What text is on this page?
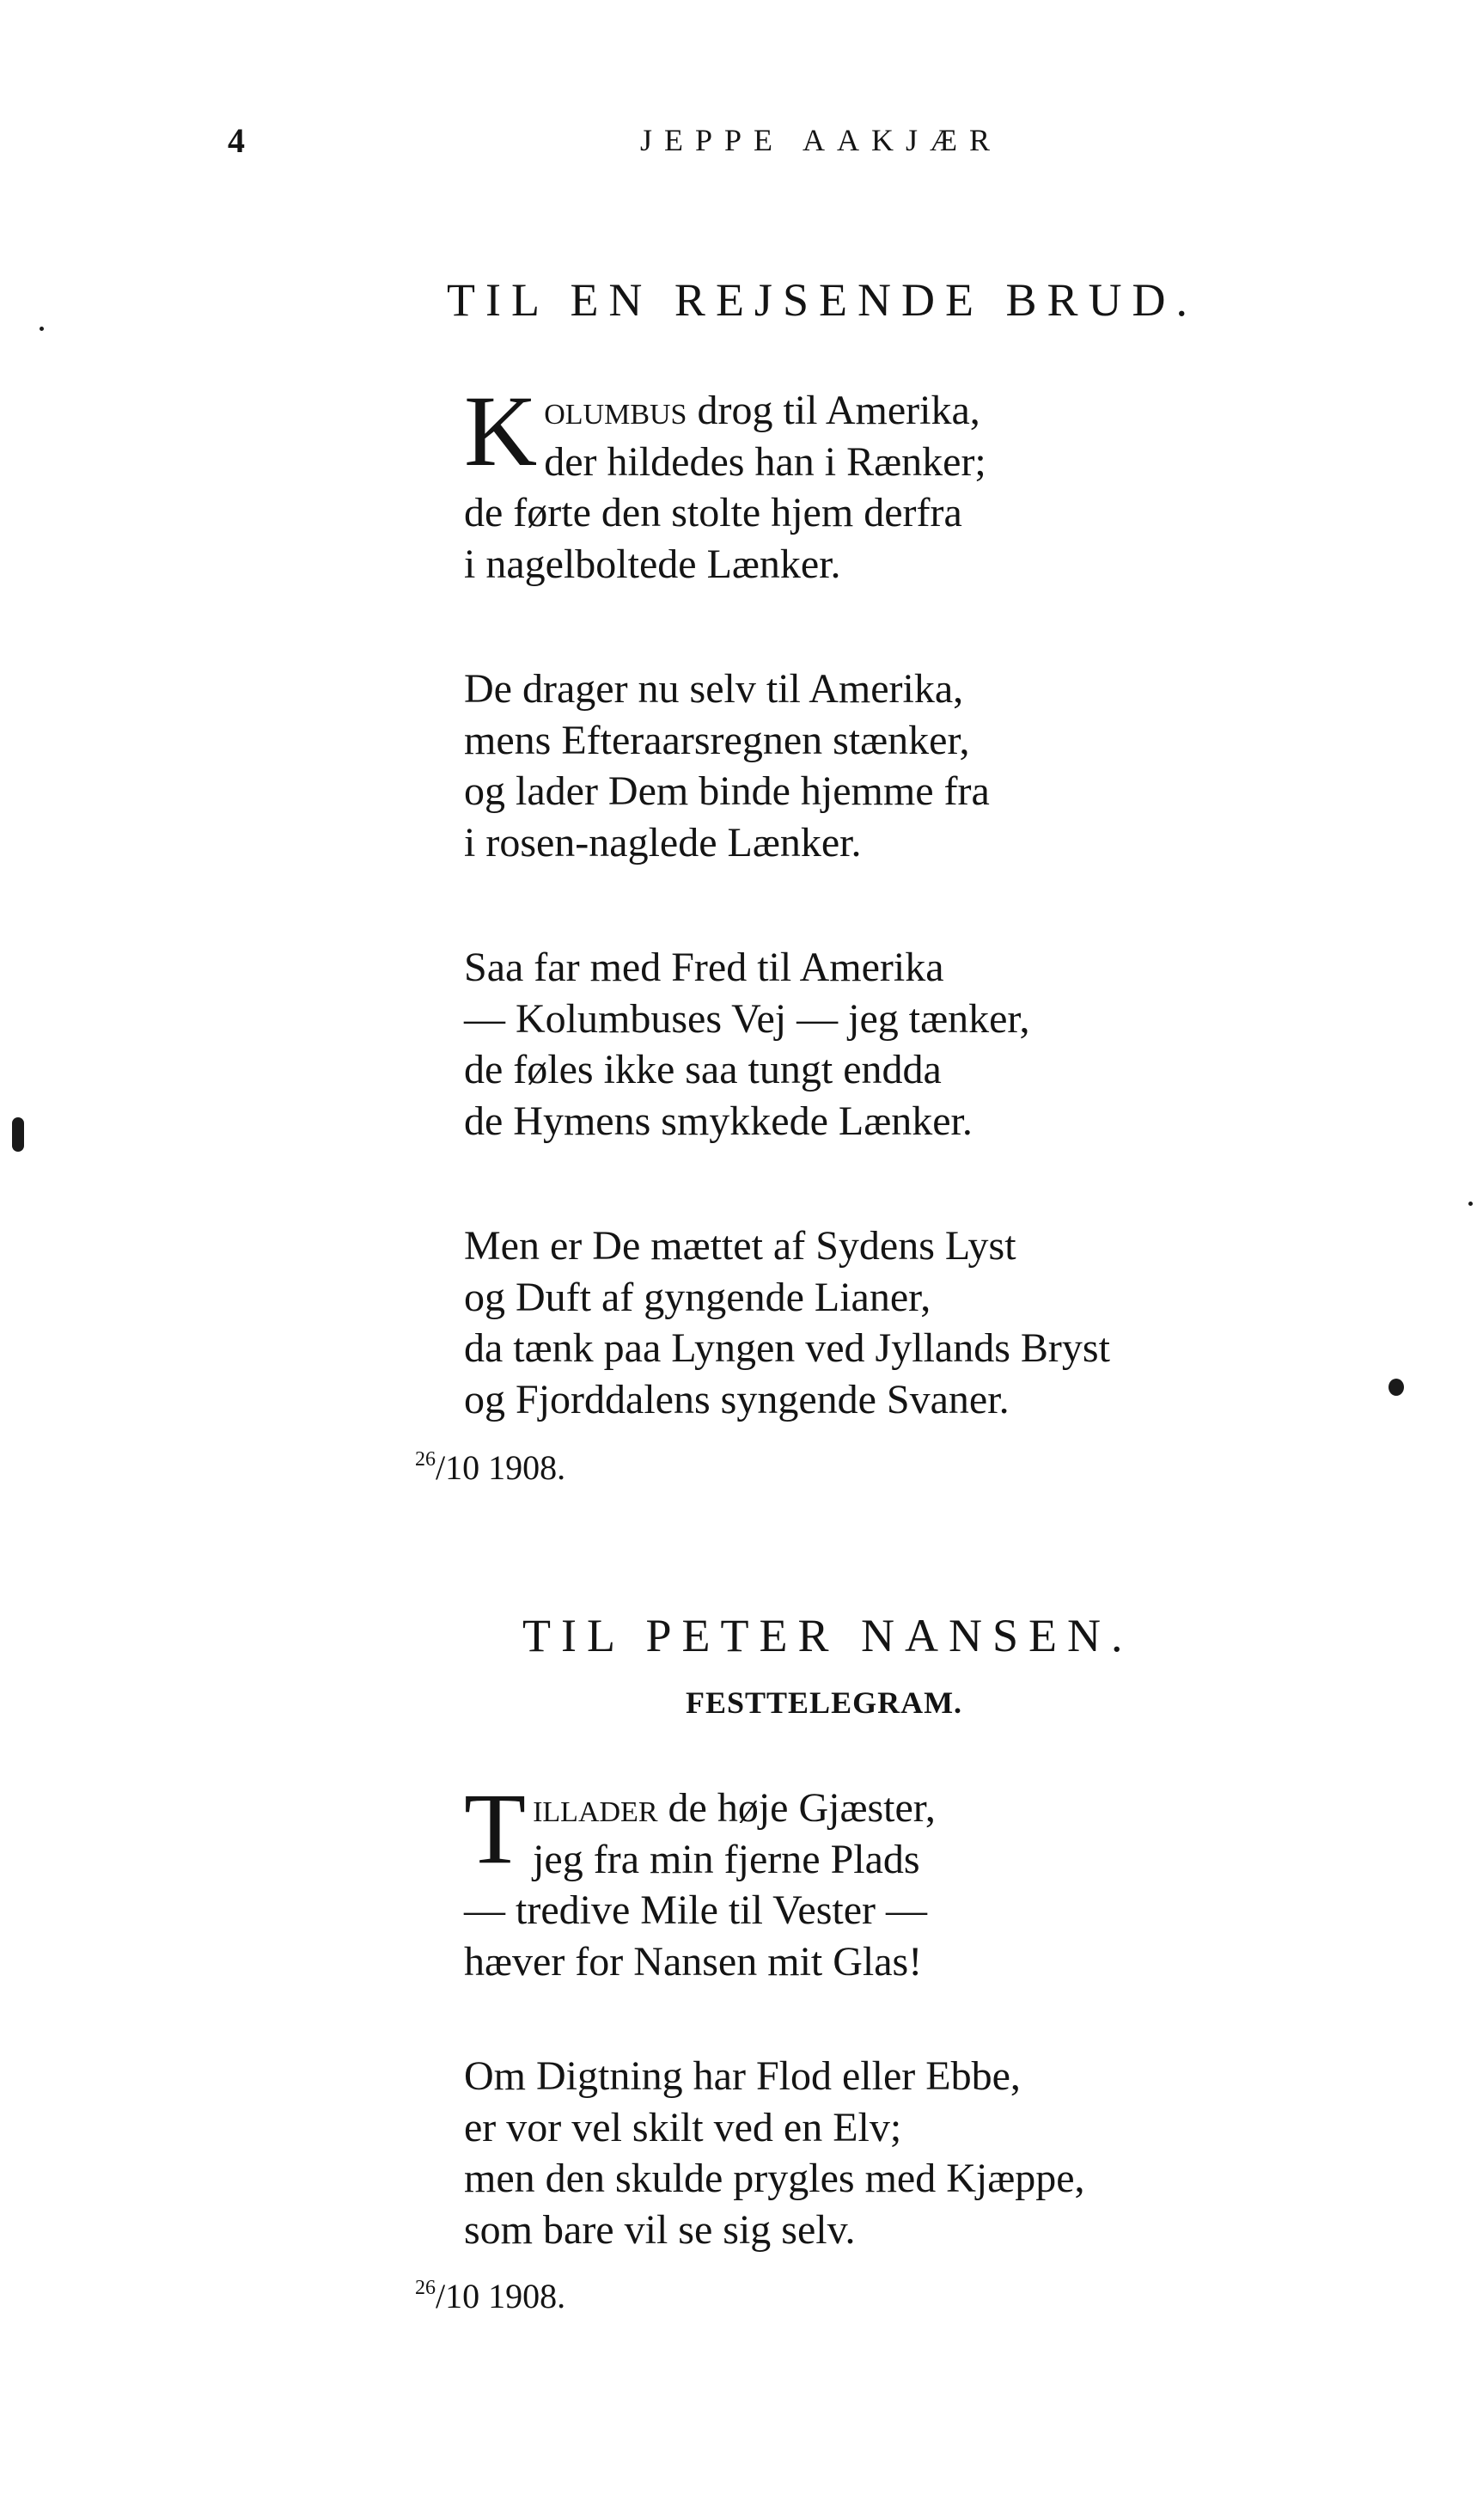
4	JEPPE AAKJÆR
TIL EN REJSENDE BRUD.
K olumbus drog til Amerika,
der hildedes han i Rænker;
de førte den stolte hjem derfra
i nagelboltede Lænker.
De drager nu selv til Amerika,
mens Efteraarsregnen stænker,
og lader Dem binde hjemme fra
i rosen-naglede Lænker.
Saa far med Fred til Amerika
— Kolumbuses Vej — jeg tænker,
de føles ikke saa tungt endda
de Hymens smykkede Lænker.
Men er De mættet af Sydens Lyst
og Duft af gyngende Lianer,
da tænk paa Lyngen ved Jyllands Bryst
og Fjorddalens syngende Svaner.
$^{26}$/10 1908.
TIL PETER NANSEN.
FESTTELEGRAM.
T illader de høje Gjæster,
jeg fra min fjerne Plads
— tredive Mile til Vester —
hæver for Nansen mit Glas!
Om Digtning har Flod eller Ebbe,
er vor vel skilt ved en Elv;
men den skulde prygles med Kjæppe,
som bare vil se sig selv.
$^{26}$/10 1908.
